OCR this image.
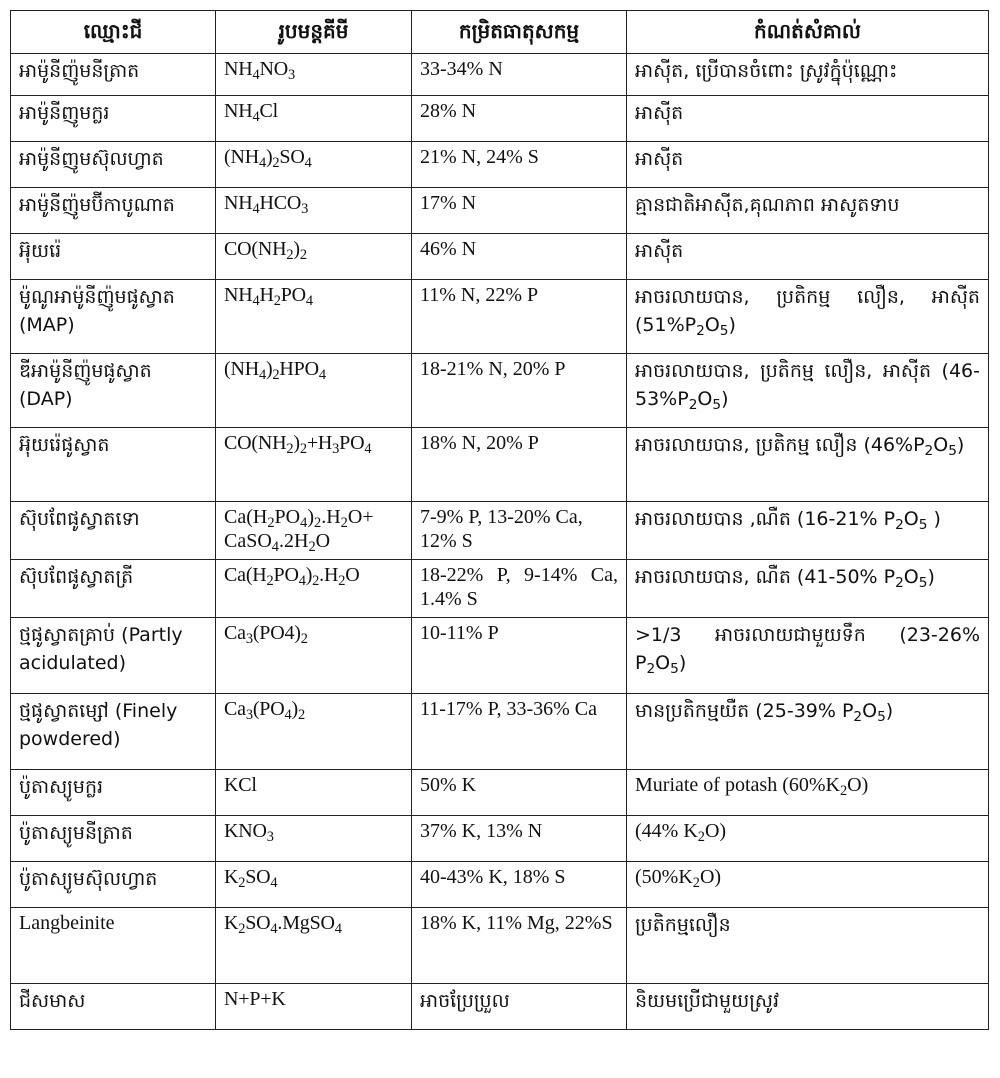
ឈ្មោះជី	រូបមន្តគីមី	កម្រិតធាតុសកម្ម	កំណត់សំគាល់
អាម៉ូនីញ៉ូមនីត្រាត	$NH_4NO_3$	33-34% N	អាស៊ីត, ប្រើបានចំពោះ ស្រូវក្នុំប៉ុណ្ណោះ
អាម៉ូនីញូមក្លរ	$NH_4Cl$	28% N	អាស៊ីត
អាម៉ូនីញូមស៊ុលហ្វាត	$(NH_4)_2SO_4$	21% N, 24% S	អាស៊ីត
អាម៉ូនីញ៉ូមប៊ីកាបូណាត	$NH_4HCO_3$	17% N	គ្មានជាតិអាស៊ីត,គុណភាព អាសូតទាប
អ៊ុយរ៉េ	$CO(NH_2)_2$	46% N	អាស៊ីត
ម៉ូណូអាម៉ូនីញ៉ូមផូស្វាត (MAP)	$NH_4H_2PO_4$	11% N, 22% P	អាចរលាយបាន, ប្រតិកម្ម លឿន, អាស៊ីត $(51\%P_2O_5)$
ឌីអាម៉ូនីញ៉ូមផូស្វាត (DAP)	$(NH_4)_2HPO_4$	18-21% N, 20% P	អាចរលាយបាន, ប្រតិកម្ម លឿន, អាស៊ីត $(46-53\%P_2O_5)$
អ៊ុយរ៉េផូស្វាត	$CO(NH_2)_2+H_3PO_4$	18% N, 20% P	អាចរលាយបាន, ប្រតិកម្ម លឿន $(46\%P_2O_5)$
ស៊ុបពែផូស្វាតទោ	$Ca(H_2PO_4)_2.H_2O+$ $CaSO_4.2H_2O$	7-9% P, 13-20% Ca, 12% S	អាចរលាយបាន ,ណឺត (16-21% $P_2O_5$ )
ស៊ុបពែផូស្វាតត្រី	$Ca(H_2PO_4)_2.H_2O$	18-22% P, 9-14% Ca, 1.4% S	អាចរលាយបាន, ណឺត (41-50% $P_2O_5$)
ថ្មផូស្វាតគ្រាប់ (Partly acidulated)	$Ca_3(PO4)_2$	10-11% P	>1/3 អាចរលាយជាមួយទឹក (23-26% $P_2O_5$)
ថ្មផូស្វាតម្សៅ (Finely powdered)	$Ca_3(PO_4)_2$	11-17% P, 33-36% Ca	មានប្រតិកម្មយឺត (25-39% $P_2O_5$)
ប៉ូតាស្យូមក្លរ	KCl	50% K	Muriate of potash $(60\%K_2O)$
ប៉ូតាស្យូមនីត្រាត	$KNO_3$	37% K, 13% N	(44% $K_2O$)
ប៉ូតាស្យូមស៊ុលហ្វាត	$K_2SO_4$	40-43% K, 18% S	$(50\%K_2O)$
Langbeinite	$K_2SO_4.MgSO_4$	18% K, 11% Mg, 22%S	ប្រតិកម្មលឿន
ជីសមាស	N+P+K	អាចប្រែប្រួល	និយមប្រើជាមួយស្រូវ
